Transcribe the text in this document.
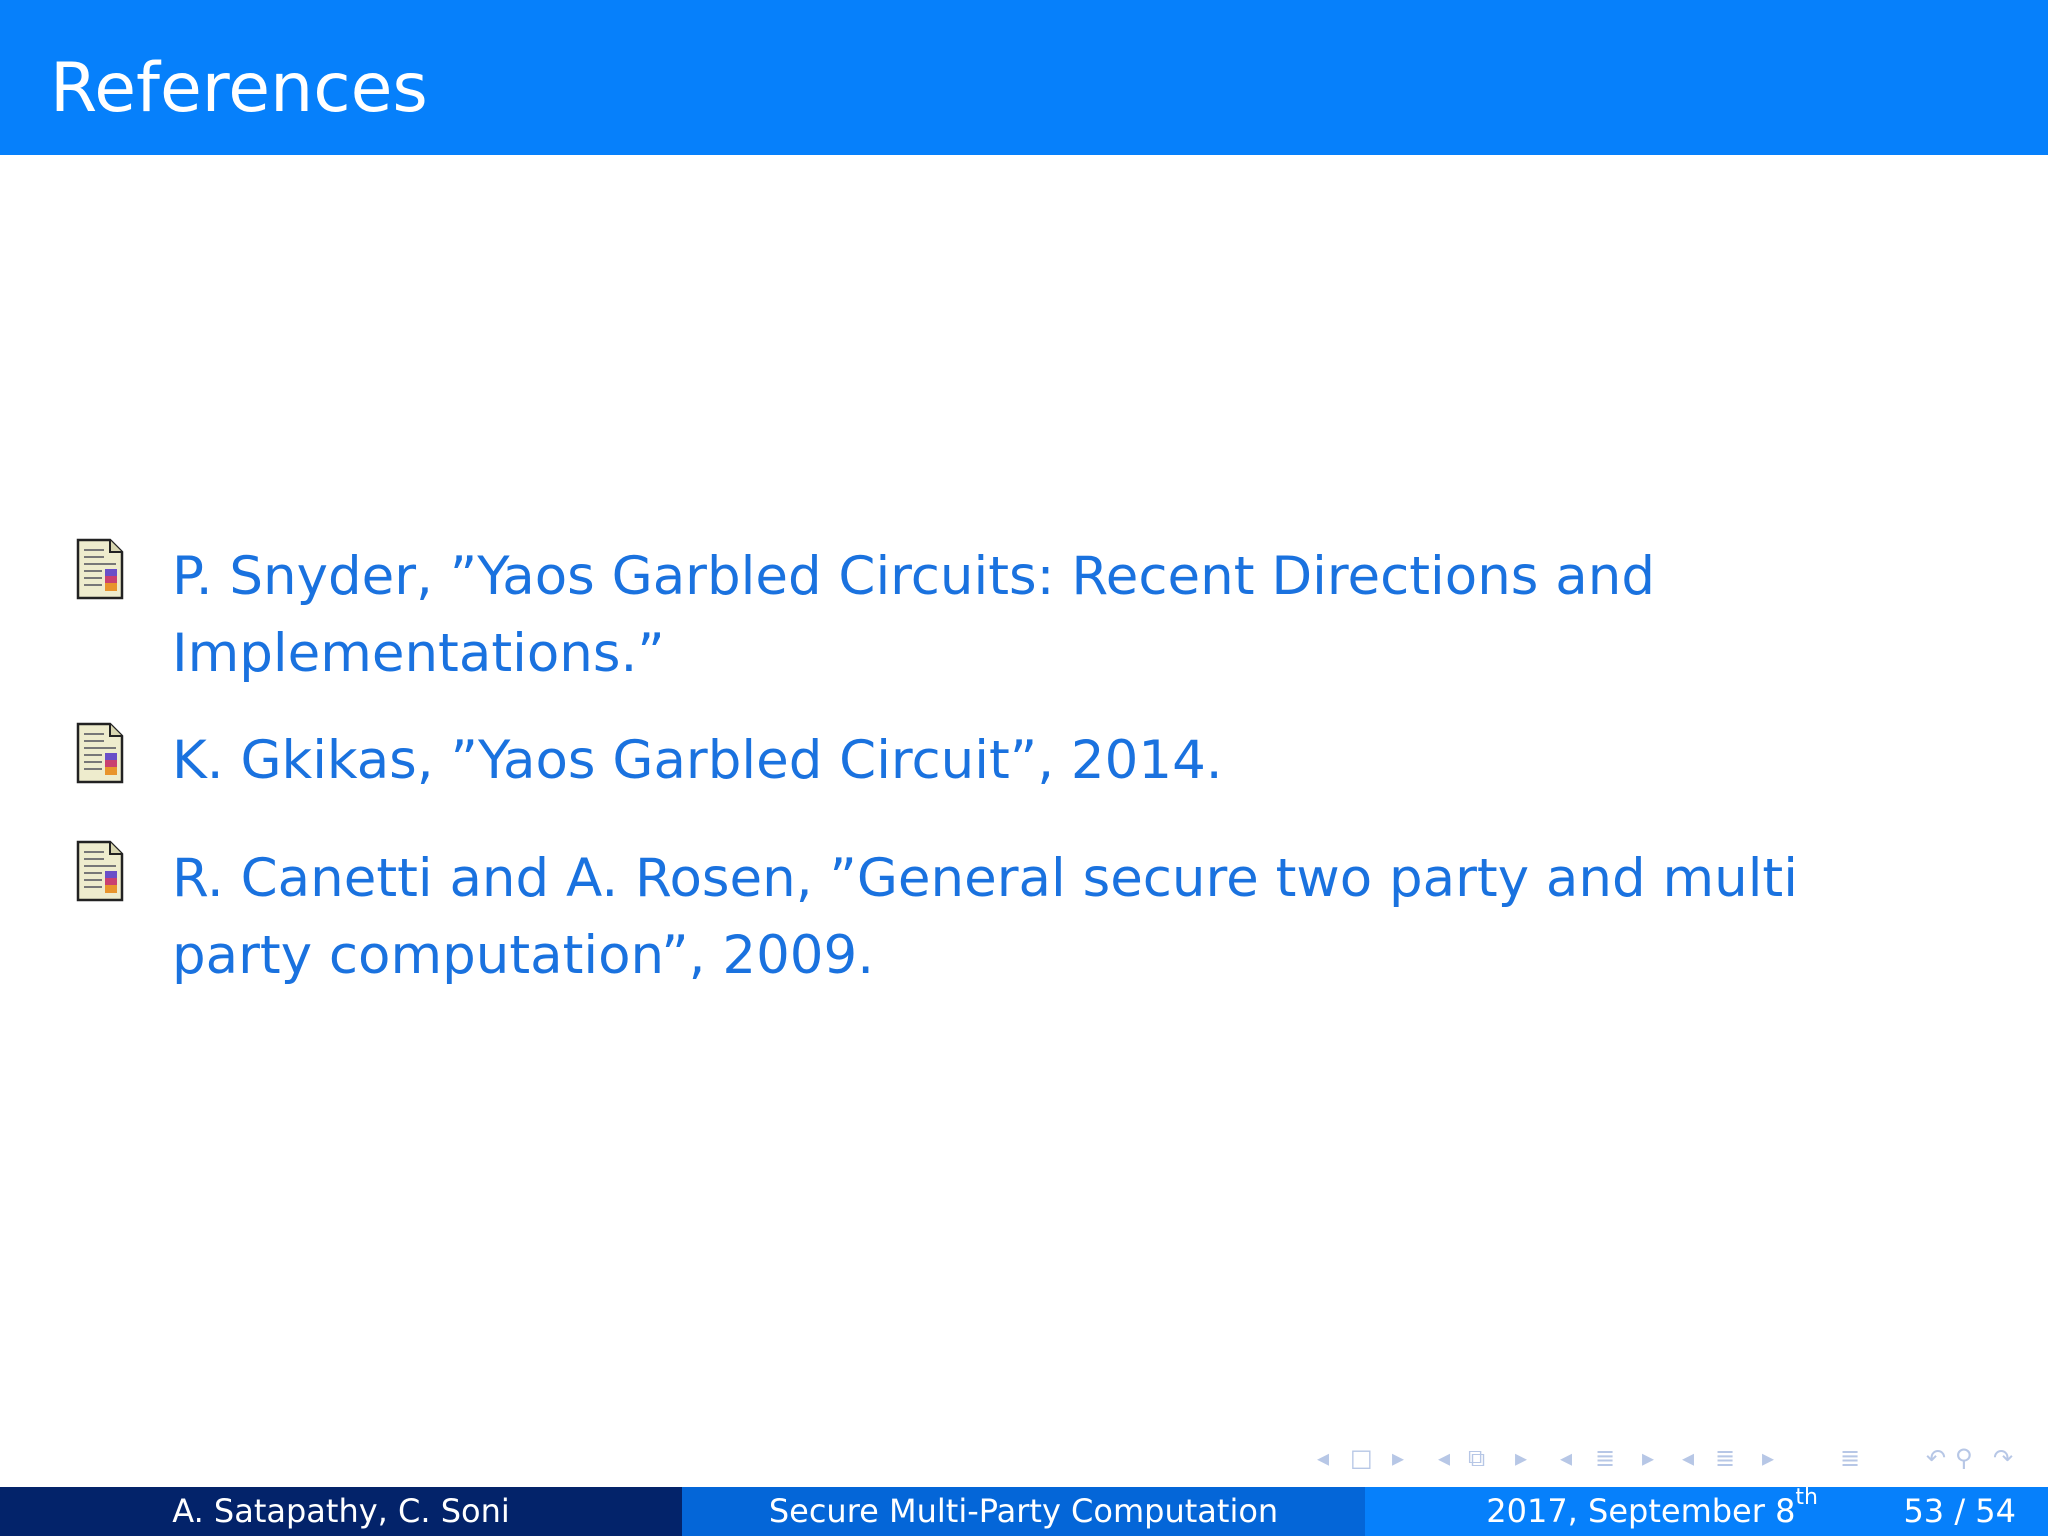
References
P. Snyder, ”Yaos Garbled Circuits: Recent Directions and Implementations.”
K. Gkikas, ”Yaos Garbled Circuit”, 2014.
R. Canetti and A. Rosen, ”General secure two party and multi party computation”, 2009.
◂ □ ▸ ◂ ⧉ ▸ ◂ ≣ ▸ ◂ ≣ ▸	≣	↶ ⚲ ↷
A. Satapathy, C. Soni	Secure Multi-Party Computation	2017, September 8th	53 / 54
